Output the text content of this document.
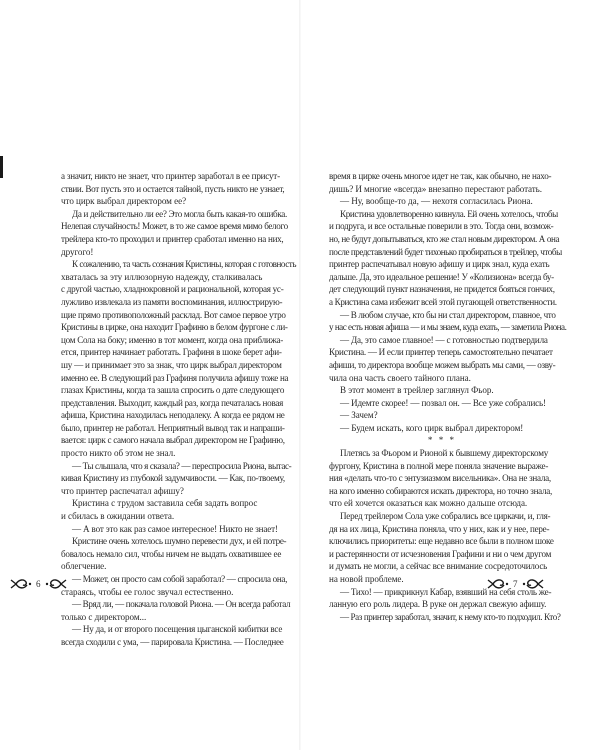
а значит, никто не знает, что принтер заработал в ее присут-
ствии. Вот пусть это и остается тайной, пусть никто не узнает,
что цирк выбрал директором ее?
Да и действительно ли ее? Это могла быть какая-то ошибка.
Нелепая случайность! Может, в то же самое время мимо белого
трейлера кто-то проходил и принтер сработал именно на них,
другого!
К сожалению, та часть сознания Кристины, которая с готовность
хваталась за эту иллюзорную надежду, сталкивалась
с другой частью, хладнокровной и рациональной, которая ус-
лужливо извлекала из памяти воспоминания, иллюстрирую-
щие прямо противоположный расклад. Вот самое первое утро
Кристины в цирке, она находит Графиню в белом фургоне с ли-
цом Сола на боку; именно в тот момент, когда она приближа-
ется, принтер начинает работать. Графиня в шоке берет афи-
шу — и принимает это за знак, что цирк выбрал директором
именно ее. В следующий раз Графиня получила афишу тоже на
глазах Кристины, когда та зашла спросить о дате следующего
представления. Выходит, каждый раз, когда печаталась новая
афиша, Кристина находилась неподалеку. А когда ее рядом не
было, принтер не работал. Неприятный вывод так и напраши-
вается: цирк с самого начала выбрал директором не Графиню,
просто никто об этом не знал.
— Ты слышала, что я сказала? — переспросила Риона, вытас-
кивая Кристину из глубокой задумчивости. — Как, по-твоему,
что принтер распечатал афишу?
Кристина с трудом заставила себя задать вопрос
и сбилась в ожидании ответа.
— А вот это как раз самое интересное! Никто не знает!
Кристине очень хотелось шумно перевести дух, и ей потре-
бовалось немало сил, чтобы ничем не выдать охватившее ее
облегчение.
— Может, он просто сам собой заработал? — спросила она,
стараясь, чтобы ее голос звучал естественно.
— Вряд ли, — покачала головой Риона. — Он всегда работал
только с директором...
— Ну да, и от второго посещения цыганской кибитки все
всегда сходили с ума, — парировала Кристина. — Последнее
6
время в цирке очень многое идет не так, как обычно, не нахо-
дишь? И многие «всегда» внезапно перестают работать.
— Ну, вообще-то да, — нехотя согласилась Риона.
Кристина удовлетворенно кивнула. Ей очень хотелось, чтобы
и подруга, и все остальные поверили в это. Тогда они, возмож-
но, не будут допытываться, кто же стал новым директором. А она
после представлений будет тихонько пробираться в трейлер, чтобы
принтер распечатывал новую афишу и цирк знал, куда ехать
дальше. Да, это идеальное решение! У «Колизиона» всегда бу-
дет следующий пункт назначения, не придется бояться гончих,
а Кристина сама избежит всей этой пугающей ответственности.
— В любом случае, кто бы ни стал директором, главное, что
у нас есть новая афиша — и мы знаем, куда ехать, — заметила Риона.
— Да, это самое главное! — с готовностью подтвердила
Кристина. — И если принтер теперь самостоятельно печатает
афиши, то директора вообще можем выбрать мы сами, — озву-
чила она часть своего тайного плана.
В этот момент в трейлер заглянул Фьор.
— Идемте скорее! — позвал он. — Все уже собрались!
— Зачем?
— Будем искать, кого цирк выбрал директором!
* * *
Плетясь за Фьором и Рионой к бывшему директорскому
фургону, Кристина в полной мере поняла значение выраже-
ния «делать что-то с энтузиазмом висельника». Она не знала,
на кого именно собираются искать директора, но точно знала,
что ей хочется оказаться как можно дальше отсюда.
Перед трейлером Сола уже собрались все циркачи, и, гля-
дя на их лица, Кристина поняла, что у них, как и у нее, пере-
ключились приоритеты: еще недавно все были в полном шоке
и растерянности от исчезновения Графини и ни о чем другом
и думать не могли, а сейчас все внимание сосредоточилось
на новой проблеме.
— Тихо! — прикрикнул Кабар, взявший на себя столь же-
ланную его роль лидера. В руке он держал свежую афишу.
— Раз принтер заработал, значит, к нему кто-то подходил. Кто?
7
